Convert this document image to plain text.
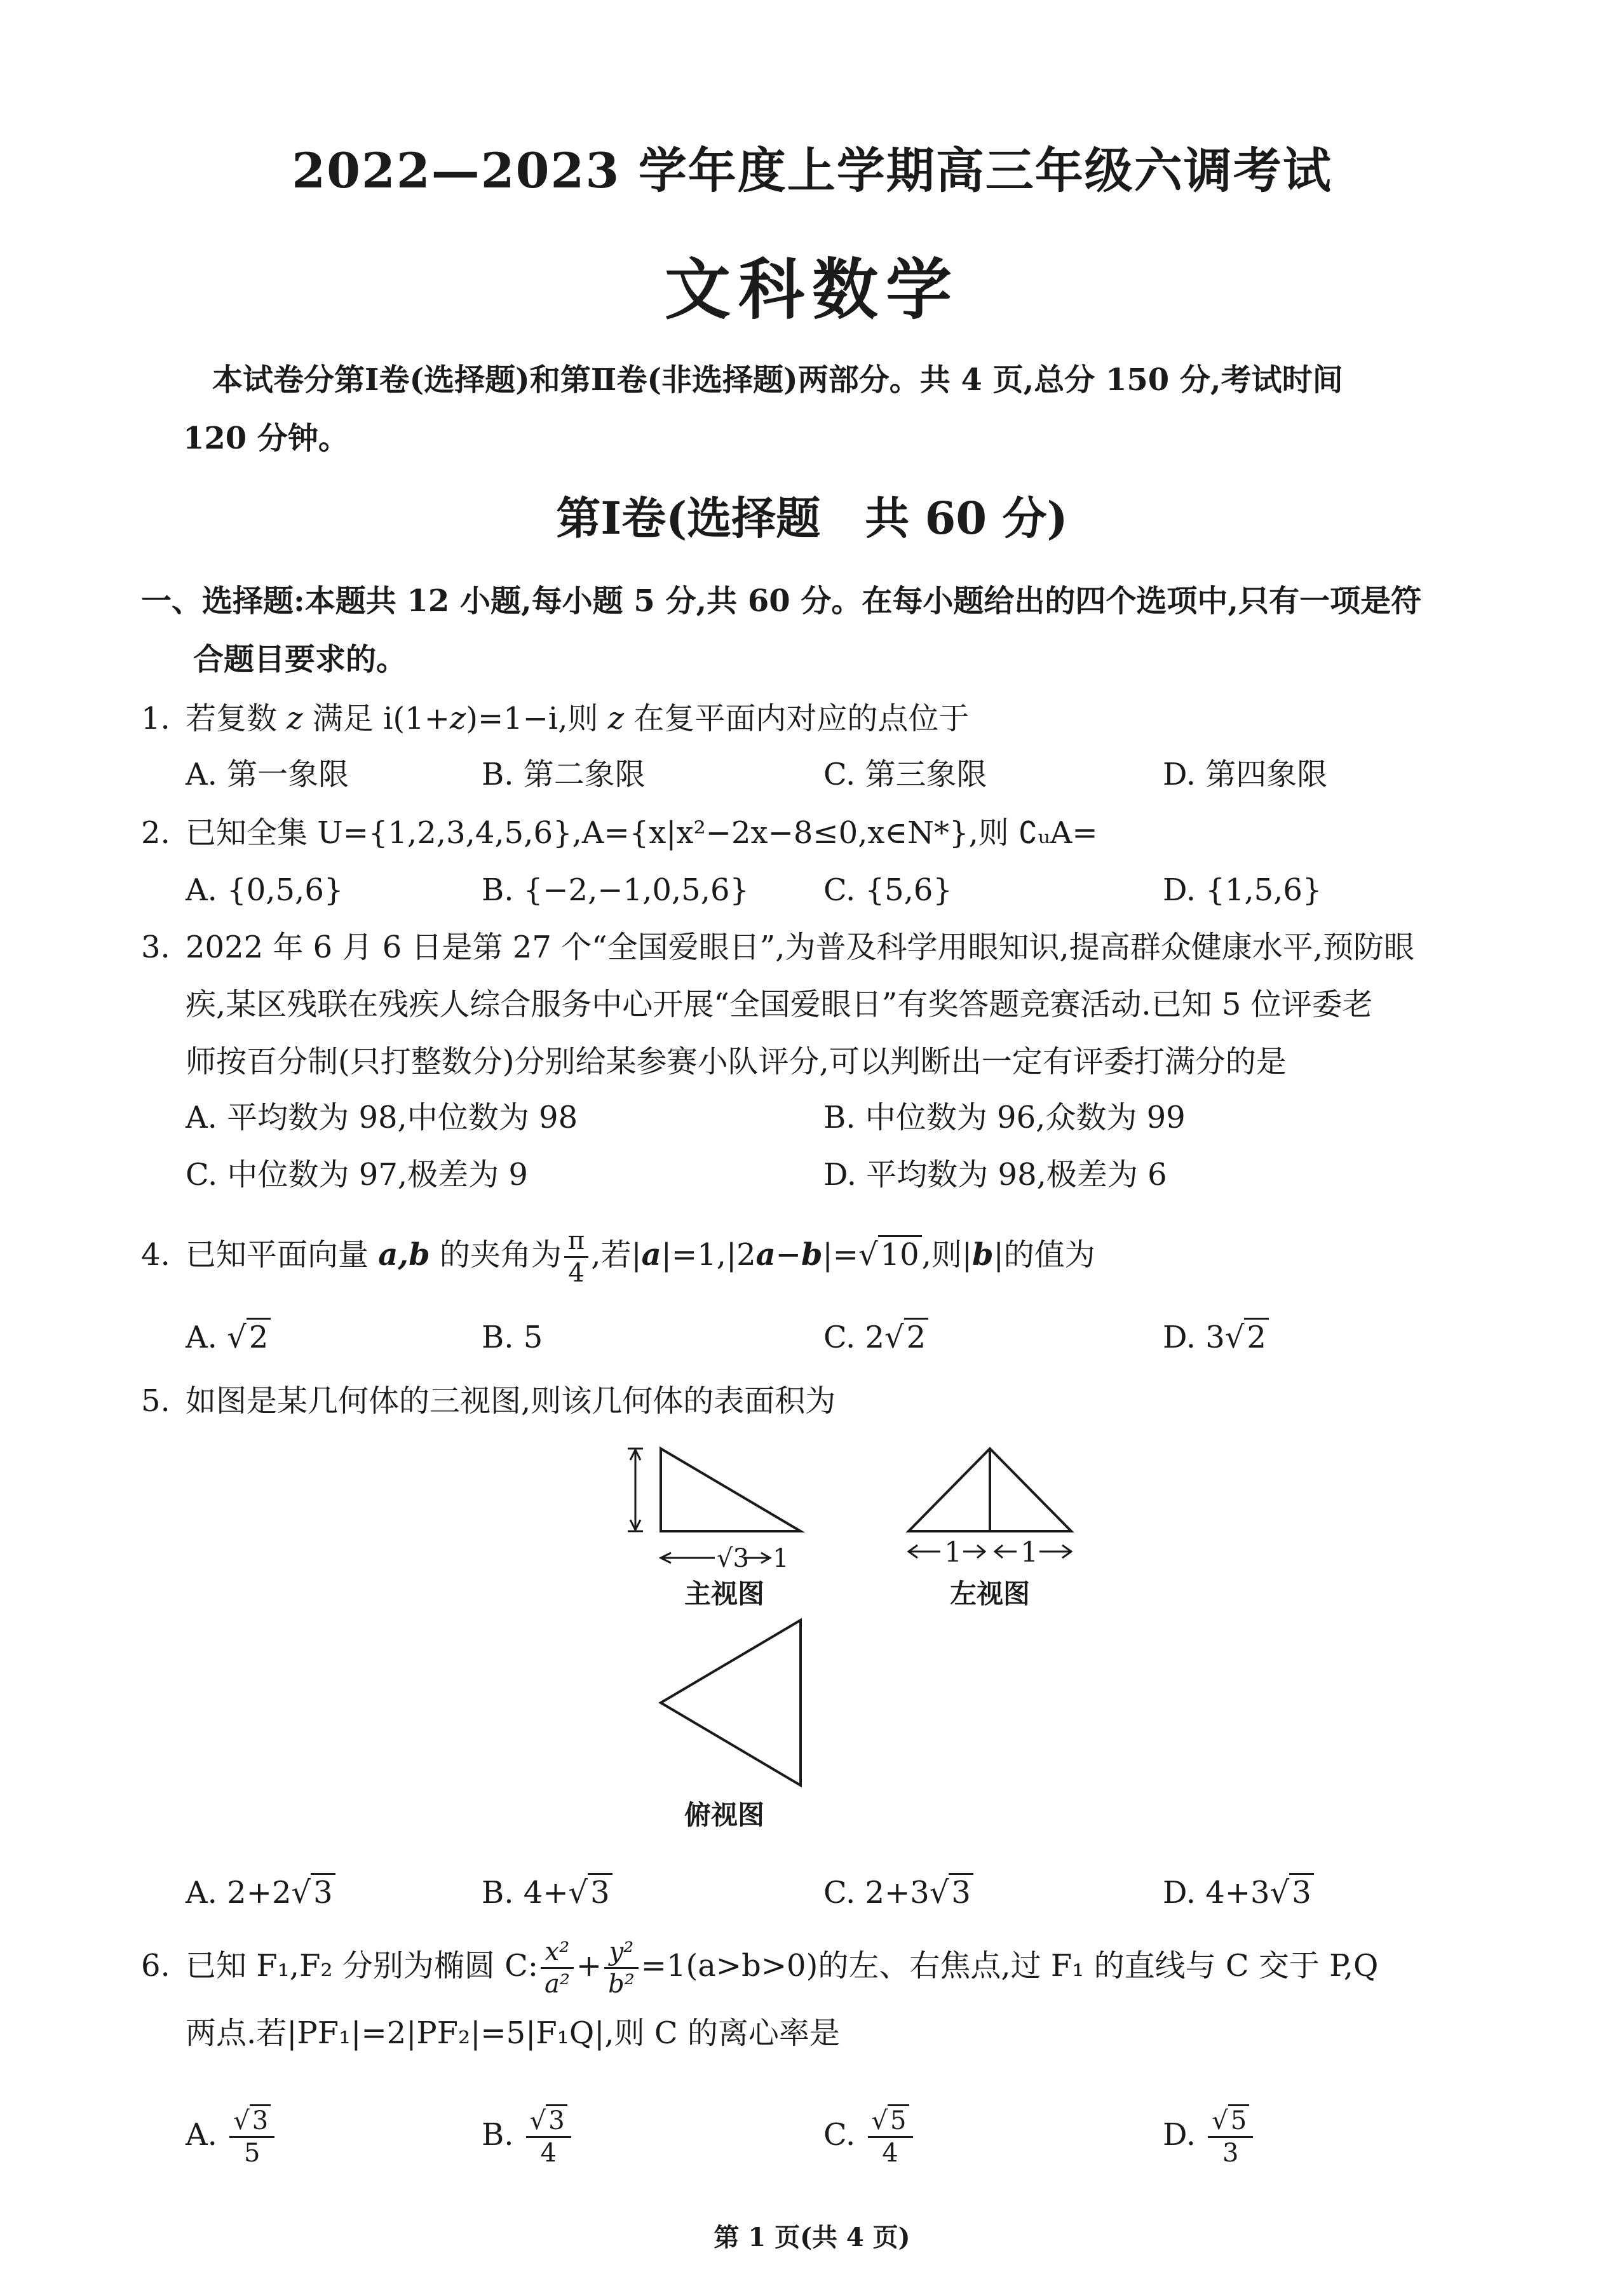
2022—2023 学年度上学期高三年级六调考试
文科数学
本试卷分第Ⅰ卷(选择题)和第Ⅱ卷(非选择题)两部分。共 4 页,总分 150 分,考试时间
120 分钟。
第Ⅰ卷(选择题　共 60 分)
一、选择题:本题共 12 小题,每小题 5 分,共 60 分。在每小题给出的四个选项中,只有一项是符
合题目要求的。
1. 若复数 z 满足 i(1+z)=1−i,则 z 在复平面内对应的点位于
A. 第一象限	B. 第二象限	C. 第三象限	D. 第四象限
2. 已知全集 U={1,2,3,4,5,6},A={x|x²−2x−8≤0,x∈N*},则 ∁ᵤA=
A. {0,5,6}	B. {−2,−1,0,5,6} C. {5,6}	D. {1,5,6}
3. 2022 年 6 月 6 日是第 27 个“全国爱眼日”,为普及科学用眼知识,提高群众健康水平,预防眼
疾,某区残联在残疾人综合服务中心开展“全国爱眼日”有奖答题竞赛活动.已知 5 位评委老
师按百分制(只打整数分)分别给某参赛小队评分,可以判断出一定有评委打满分的是
A. 平均数为 98,中位数为 98	B. 中位数为 96,众数为 99
C. 中位数为 97,极差为 9	D. 平均数为 98,极差为 6
4. 已知平面向量 a,b 的夹角为 $\frac{\pi}{4}$ ,若|a|=1,|2a−b|=√10,则|b|的值为
A. √2	B. 5	C. 2√2	D. 3√2
5. 如图是某几何体的三视图,则该几何体的表面积为
√3 1	1 1
主视图	左视图
俯视图
A. 2+2√3	B. 4+√3	C. 2+3√3	D. 4+3√3
6. 已知 F₁,F₂ 分别为椭圆 C: $\frac{\text{x²}}{\text{a²}} + \frac{\text{y²}}{\text{b²}} =1(a>b>0)$的左、右焦点,过 F₁ 的直线与 C 交于 P,Q
两点.若|PF₁|=2|PF₂|=5|F₁Q|,则 C 的离心率是
A. $\frac{√ 3}{5}$	B. $\frac{√ 3}{4}$	C. $\frac{√ 5}{4}$	D. $\frac{√ 5}{3}$
第 1 页(共 4 页)
